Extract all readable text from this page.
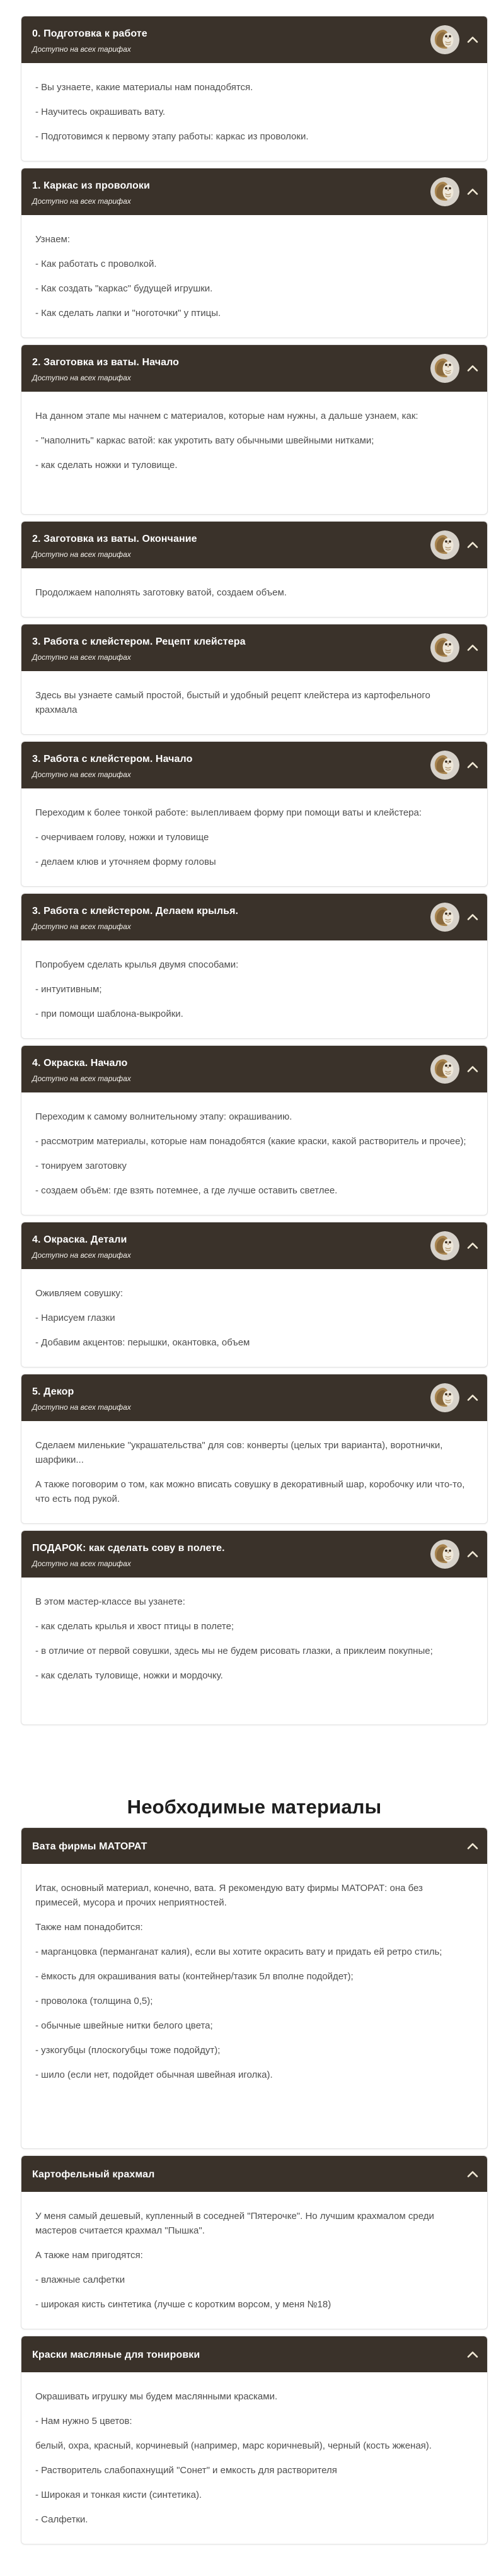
0. Подготовка к работе
Доступно на всех тарифах

- Вы узнаете, какие материалы нам понадобятся.

- Научитесь окрашивать вату.

- Подготовимся к первому этапу работы: каркас из проволоки.

1. Каркас из проволоки
Доступно на всех тарифах

Узнаем:

- Как работать с проволкой.

- Как создать "каркас" будущей игрушки.

- Как сделать лапки и "ноготочки" у птицы.

2. Заготовка из ваты. Начало
Доступно на всех тарифах

На данном этапе мы начнем с материалов, которые нам нужны, а дальше узнаем, как:

- "наполнить" каркас ватой: как укротить вату обычными швейными нитками;

- как сделать ножки и туловище.

2. Заготовка из ваты. Окончание
Доступно на всех тарифах

Продолжаем наполнять заготовку ватой, создаем объем.

3. Работа с клейстером. Рецепт клейстера
Доступно на всех тарифах

Здесь вы узнаете самый простой, быстый и удобный рецепт клейстера из картофельного крахмала

3. Работа с клейстером. Начало
Доступно на всех тарифах

Переходим к более тонкой работе: вылепливаем форму при помощи ваты и клейстера:

- очерчиваем голову, ножки и туловище

- делаем клюв и уточняем форму головы

3. Работа с клейстером. Делаем крылья.
Доступно на всех тарифах

Попробуем сделать крылья двумя способами:

- интуитивным;

- при помощи шаблона-выкройки.

4. Окраска. Начало
Доступно на всех тарифах

Переходим к самому волнительному этапу: окрашиванию.

- рассмотрим материалы, которые нам понадобятся (какие краски, какой растворитель и прочее);

- тонируем заготовку

- создаем объём: где взять потемнее, а где лучше оставить светлее.

4. Окраска. Детали
Доступно на всех тарифах

Оживляем совушку:

- Нарисуем глазки

- Добавим акцентов: перышки, окантовка, объем

5. Декор
Доступно на всех тарифах

Сделаем миленькие "украшательства" для сов: конверты (целых три варианта), воротнички, шарфики...

А также поговорим о том, как можно вписать совушку в декоративный шар, коробочку или что-то, что есть под рукой.

ПОДАРОК: как сделать сову в полете.
Доступно на всех тарифах

В этом мастер-классе вы узанете:

- как сделать крылья и хвост птицы в полете;

- в отличие от первой совушки, здесь мы не будем рисовать глазки, а приклеим покупные;

- как сделать туловище, ножки и мордочку.

Необходимые материалы
Вата фирмы МАТОРАТ

Итак, основный материал, конечно, вата. Я рекомендую вату фирмы МАТОРАТ: она без примесей, мусора и прочих неприятностей.

Также нам понадобится:

- марганцовка (перманганат калия), если вы хотите окрасить вату и придать ей ретро стиль;

- ёмкость для окрашивания ваты (контейнер/тазик 5л вполне подойдет);

- проволока (толщина 0,5);

- обычные швейные нитки белого цвета;

- узкогубцы (плоскогубцы тоже подойдут);

- шило (если нет, подойдет обычная швейная иголка).

Картофельный крахмал

У меня самый дешевый, купленный в соседней "Пятерочке". Но лучшим крахмалом среди мастеров считается крахмал "Пышка".

А также нам пригодятся:

- влажные салфетки

- широкая кисть синтетика (лучше с коротким ворсом, у меня №18)

Краски масляные для тонировки

Окрашивать игрушку мы будем маслянными красками.

- Нам нужно 5 цветов:

белый, охра, красный, корчиневый (например, марс коричневый), черный (кость жженая).

- Растворитель слабопахнущий "Сонет" и емкость для растворителя

- Широкая и тонкая кисти (синтетика).

- Салфетки.
